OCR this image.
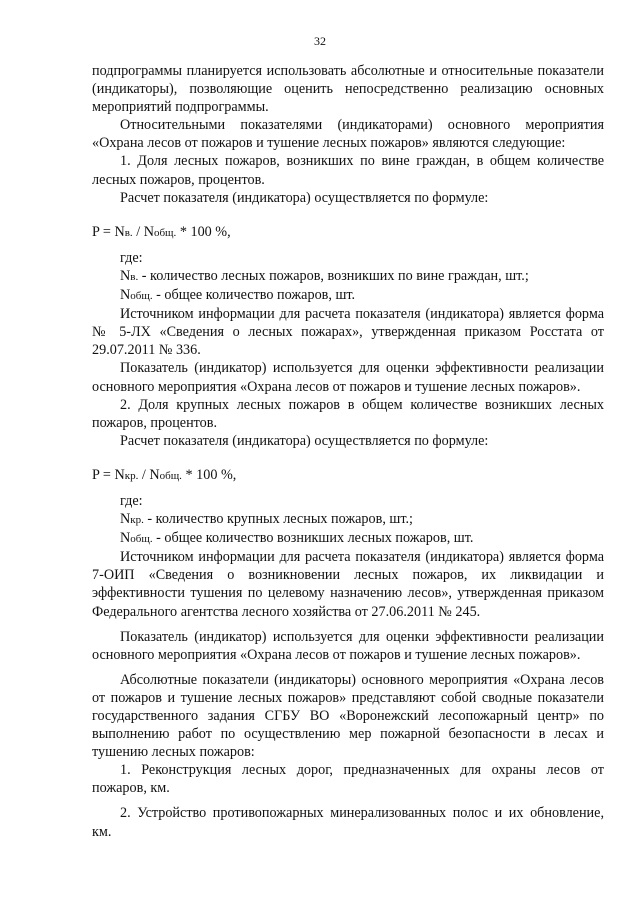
32

подпрограммы планируется использовать абсолютные и относительные показатели (индикаторы), позволяющие оценить непосредственно реализацию основных мероприятий подпрограммы.

Относительными показателями (индикаторами) основного мероприятия «Охрана лесов от пожаров и тушение лесных пожаров» являются следующие:

1. Доля лесных пожаров, возникших по вине граждан, в общем количестве лесных пожаров, процентов.

Расчет показателя (индикатора) осуществляется по формуле:

P = Nв. / Nобщ. * 100 %,

где:

Nв. - количество лесных пожаров, возникших по вине граждан, шт.;

Nобщ. - общее количество пожаров, шт.

Источником информации для расчета показателя (индикатора) является форма № 5-ЛХ «Сведения о лесных пожарах», утвержденная приказом Росстата от 29.07.2011 № 336.

Показатель (индикатор) используется для оценки эффективности реализации основного мероприятия «Охрана лесов от пожаров и тушение лесных пожаров».

2. Доля крупных лесных пожаров в общем количестве возникших лесных пожаров, процентов.

Расчет показателя (индикатора) осуществляется по формуле:

P = Nкр. / Nобщ. * 100 %,

где:

Nкр. - количество крупных лесных пожаров, шт.;

Nобщ. - общее количество возникших лесных пожаров, шт.

Источником информации для расчета показателя (индикатора) является форма 7-ОИП «Сведения о возникновении лесных пожаров, их ликвидации и эффективности тушения по целевому назначению лесов», утвержденная приказом Федерального агентства лесного хозяйства от 27.06.2011 № 245.

Показатель (индикатор) используется для оценки эффективности реализации основного мероприятия «Охрана лесов от пожаров и тушение лесных пожаров».

Абсолютные показатели (индикаторы) основного мероприятия «Охрана лесов от пожаров и тушение лесных пожаров» представляют собой сводные показатели государственного задания СГБУ ВО «Воронежский лесопожарный центр» по выполнению работ по осуществлению мер пожарной безопасности в лесах и тушению лесных пожаров:

1. Реконструкция лесных дорог, предназначенных для охраны лесов от пожаров, км.

2. Устройство противопожарных минерализованных полос и их обновление, км.
